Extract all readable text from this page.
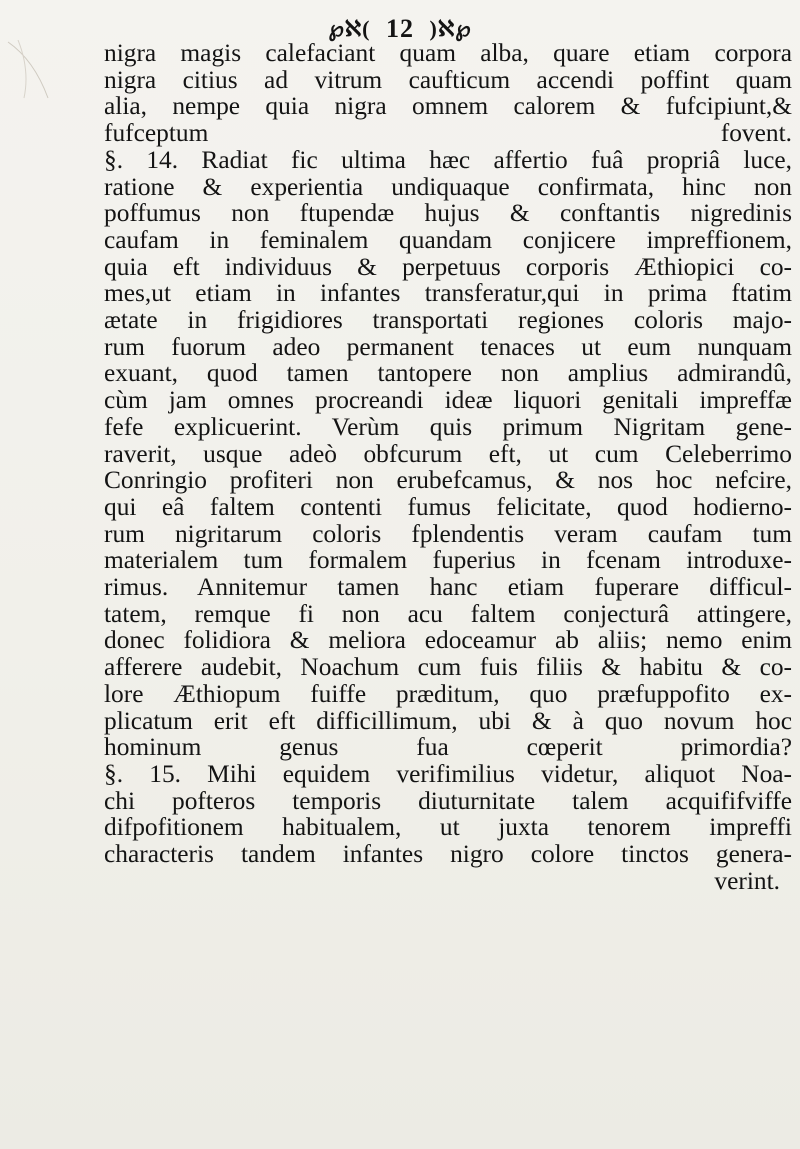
℘ℵ( 12 )ℵ℘
nigra magis calefaciant quam alba, quare etiam corpora
nigra citius ad vitrum caufticum accendi poffint quam
alia, nempe quia nigra omnem calorem & fufcipiunt,&
fufceptum fovent.
§. 14. Radiat fic ultima hæc affertio fuâ propriâ luce,
ratione & experientia undiquaque confirmata, hinc non
poffumus non ftupendæ hujus & conftantis nigredinis
caufam in feminalem quandam conjicere impreffionem,
quia eft individuus & perpetuus corporis Æthiopici co-
mes,ut etiam in infantes transferatur,qui in prima ftatim
ætate in frigidiores transportati regiones coloris majo-
rum fuorum adeo permanent tenaces ut eum nunquam
exuant, quod tamen tantopere non amplius admirandû,
cùm jam omnes procreandi ideæ liquori genitali impreffæ
fefe explicuerint. Verùm quis primum Nigritam gene-
raverit, usque adeò obfcurum eft, ut cum Celeberrimo
Conringio profiteri non erubefcamus, & nos hoc nefcire,
qui eâ faltem contenti fumus felicitate, quod hodierno-
rum nigritarum coloris fplendentis veram caufam tum
materialem tum formalem fuperius in fcenam introduxe-
rimus. Annitemur tamen hanc etiam fuperare difficul-
tatem, remque fi non acu faltem conjecturâ attingere,
donec folidiora & meliora edoceamur ab aliis; nemo enim
afferere audebit, Noachum cum fuis filiis & habitu & co-
lore Æthiopum fuiffe præditum, quo præfuppofito ex-
plicatum erit eft difficillimum, ubi & à quo novum hoc
hominum genus fua cœperit primordia?
§. 15. Mihi equidem verifimilius videtur, aliquot Noa-
chi pofteros temporis diuturnitate talem acquififviffe
difpofitionem habitualem, ut juxta tenorem impreffi
characteris tandem infantes nigro colore tinctos genera-
verint.
